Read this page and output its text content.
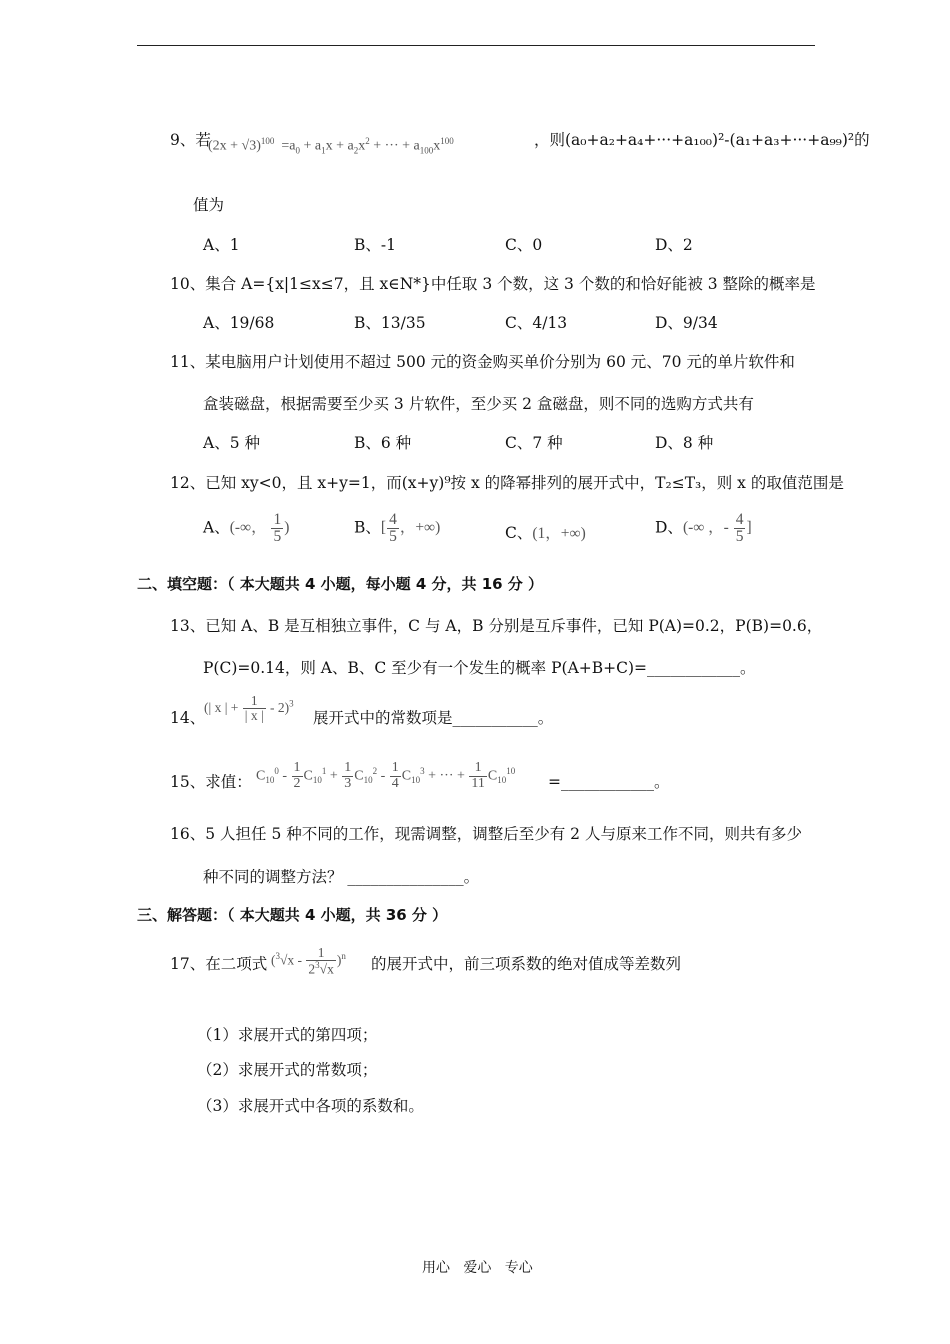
9、若
$(2x + √3)^{100} =a_0 + a_1x + a_2x^2$ + ··· + $a_{100}x^{100}$	，则(a₀+a₂+a₄+···+a₁₀₀)²-(a₁+a₃+···+a₉₉)²的
值为
A、1	B、-1	C、0	D、2
10、集合 A={x|1≤x≤7，且 x∈N*}中任取 3 个数，这 3 个数的和恰好能被 3 整除的概率是
A、19/68	B、13/35	C、4/13	D、9/34
11、某电脑用户计划使用不超过 500 元的资金购买单价分别为 60 元、70 元的单片软件和
盒装磁盘，根据需要至少买 3 片软件，至少买 2 盒磁盘，则不同的选购方式共有
A、5 种	B、6 种	C、7 种	D、8 种
12、已知 xy<0，且 x+y=1，而(x+y)⁹按 x 的降幂排列的展开式中，T₂≤T₃，则 x 的取值范围是
A、(-∞， $\frac{1}{5}$ )	B、[ $\frac{4}{5}$ ，+∞)	C、(1，+∞)	D、(-∞ ，- $\frac{4}{5}$ ]
二、填空题：（ 本大题共 4 小题，每小题 4 分，共 16 分 ）
13、已知 A、B 是互相独立事件，C 与 A，B 分别是互斥事件，已知 P(A)=0.2，P(B)=0.6，
P(C)=0.14，则 A、B、C 至少有一个发生的概率 P(A+B+C)=____________。
14、
(| x | + $\frac{1}{| x |} - 2)^3$
展开式中的常数项是___________。
15、求值： $C_{10}^0 - \frac{1}{2} C_{10}^1 + \frac{1}{3} C_{10}^2 - \frac{1}{4} C_{10}^3$ + ··· + $\frac{1}{11} C_{10}^{10}$
=____________。
16、5 人担任 5 种不同的工作，现需调整，调整后至少有 2 人与原来工作不同，则共有多少
种不同的调整方法？ _______________。
三、解答题：（ 本大题共 4 小题，共 36 分 ）
17、在二项式 $(^3√x - \frac{1}{2^3√x} )^n$ 的展开式中，前三项系数的绝对值成等差数列
（1）求展开式的第四项；
（2）求展开式的常数项；
（3）求展开式中各项的系数和。
用心   爱心   专心
